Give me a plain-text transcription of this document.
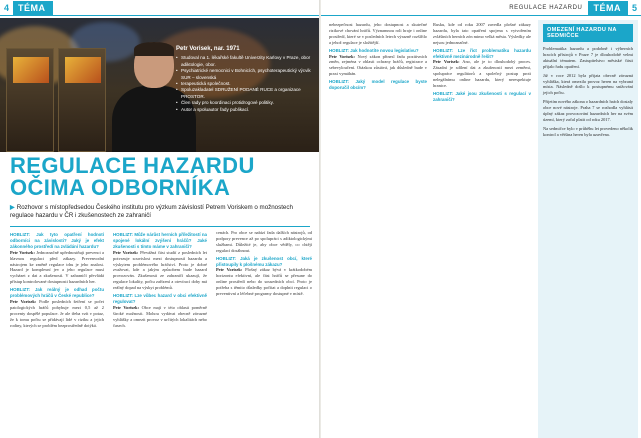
4	TÉMA
Petr Vorisek, nar. 1971
• Studoval na 1. lékařské fakultě Univerzity Karlovy v Praze, obor adiktologie, obor.
• Psychiatrické nemocnici v Bohnicích, psychoterapeutický výcvik SUR – slovenská
• terapeutická společnost.
• Spoluzakladatel SDRUŽENÍ PODANÉ RUCE a organizace PROSTOR.
• Člen rady pro koordinaci protidrogové politiky.
• Autor a spoluautor řady publikací.
REGULACE HAZARDU
OČIMA ODBORNÍKA
▶ Rozhovor s místopředsedou Českého institutu pro výzkum závislostí Petrem Voriskem o možnostech regulace hazardu v ČR i zkušenostech ze zahraničí
HOBLIZT: Jak tyto opatření hodnotí odborníci na závislosti? Jaký je efekt zákonného prostředí na zvládání hazardu?

Petr Vorisek: Jednoznačně upřednostňuji prevenci a hlavnou regulaci před zákazy. Prevenvodní nástrojem ke změně regulace trhu je jeho znalost. Hazard je komplexní jev a jeho regulace musí vycházet z dat a zkušeností. V zahraničí převládá přístup kontrolované dostupnosti hazardních her.

HOBLIZT: Jak reálný je odhad počtu problémových hráčů v České republice?

Petr Vorisek: Podle posledních šetření se počet patologických hráčů pohybuje mezi 0,5 až 2 procenty dospělé populace. Je ale třeba vzít v potaz, že k tomu počtu se přidávají lidé v riziku a jejich rodiny, kterých se problém bezprostředně dotýká.

HOBLIZT: Může nárůst herních příležitostí na spojené lokální zvýšení hráčů? Jaké zkušenosti s tímto máme v zahraničí?

Petr Vorisek: Převážná část studií z posledních let potvrzuje souvislost mezi dostupností hazardu a výskytem problémového hráčství. Proto je dobré zvažovat, kde a jakým způsobem bude hazard provozován. Zkušenosti ze zahraničí ukazují, že regulace lokality, počtu zařízení a otevírací doby má reálný dopad na výskyt problémů.

HOBLIZT: Lze vůbec hazard v obci efektivně regulovat?

Petr Vorisek: Obce mají v této oblasti poměrně široké možnosti. Mohou vydávat obecně závazné vyhlášky a omezit provoz v určitých lokalitách nebo časech.

cenách. Pro obce se nabízí řada dalších nástrojů, od podpory prevence až po spolupráci s adiktologickými službami. Důležité je, aby obce věděly, co chtějí regulací dosáhnout.

HOBLIZT: Jaká je zkušenost obcí, které přistoupily k plošnému zákazu?

Petr Vorisek: Plošný zákaz bývá v krátkodobém horizontu efektivní, ale část hráčů se přesune do online prostředí nebo do sousedních obcí. Proto je potřeba s těmito důsledky počítat a doplnit regulaci o preventivní a léčebné programy dostupné v místě.

REGULACE HAZARDU	TÉMA	5

nebezpečnost hazardu, jeho dostupnost a skutečné rizikové chování hráčů. Významnou roli hraje i online prostředí, které se v posledních letech výrazně rozšířilo a jehož regulace je složitější.

HOBLIZT: Jak hodnotíte novou legislativu?

Petr Vorisek: Nový zákon přinesl řadu pozitivních změn, zejména v oblasti ochrany hráčů, registrace a sebevyloučení. Otázkou zůstává, jak důsledně bude v praxi vymáhán.

HOBLIZT: Jaký model regulace byste doporučil obcím?

Rusku, kde od roku 2007 zavedla plošné zákazy hazardu, byla tato opatření spojena s vytvořením zvláštních herních zón mimo velká města. Výsledky ale nejsou jednoznačné.

HOBLIZT: Lze říct problematiku hazardu efektivně mezinárodně řešit?

Petr Vorisek: Ano, ale je to dlouhodobý proces. Zásadní je sdílení dat a zkušeností mezi zeměmi, spolupráce regulátorů a společný postup proti nelegálnímu online hazardu, který nerespektuje hranice.

HOBLIZT: Jaké jsou zkušenosti s regulací v zahraničí?
OMEZENÍ HAZARDU NA SEDMIČCE

Problematika hazardu a podobně i výherních hracích přístrojů v Praze 7 je dlouhodobě velmi aktuální tématem. Zastupitelstvo městské části přijalo řadu opatření.

Již v roce 2012 byla přijata obecně závazná vyhláška, která omezila provoz heren na vybraná místa. Následně došlo k postupnému snižování jejich počtu.

Přijetím nového zákona o hazardních hrách dostaly obce nové nástroje. Praha 7 se rozhodla vyhlásit úplný zákaz provozování hazardních her na svém území, který začal platit od roku 2017.

Na sedmičce bylo v průběhu let provedeno několik kontrol a většina heren byla uzavřena.
